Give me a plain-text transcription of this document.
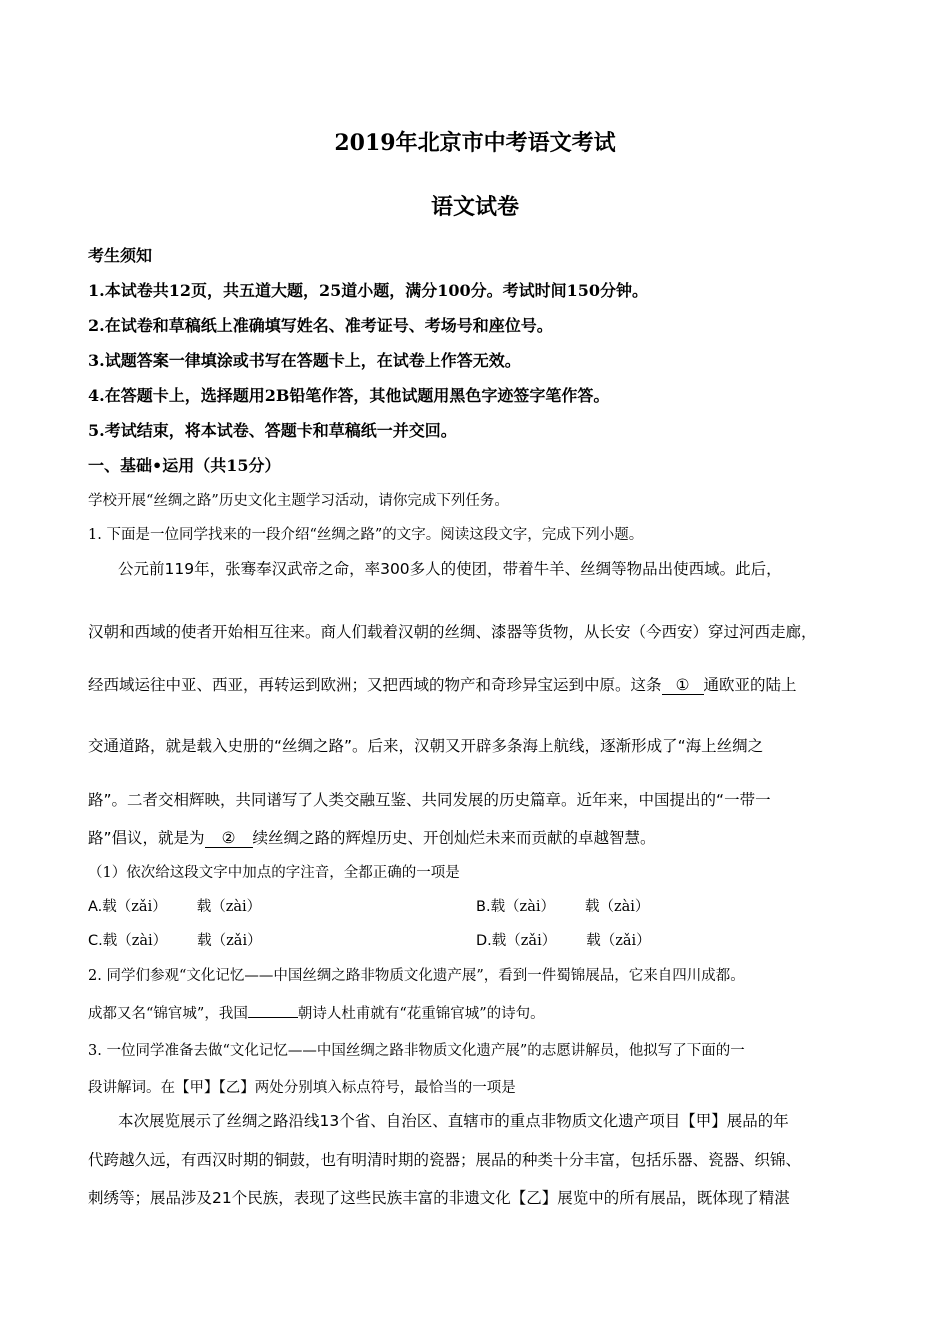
2019年北京市中考语文考试
语文试卷
考生须知
1.本试卷共12页，共五道大题，25道小题，满分100分。考试时间150分钟。
2.在试卷和草稿纸上准确填写姓名、准考证号、考场号和座位号。
3.试题答案一律填涂或书写在答题卡上，在试卷上作答无效。
4.在答题卡上，选择题用2B铅笔作答，其他试题用黑色字迹签字笔作答。
5.考试结束，将本试卷、答题卡和草稿纸一并交回。
一、基础•运用（共15分）
学校开展“丝绸之路”历史文化主题学习活动，请你完成下列任务。
1. 下面是一位同学找来的一段介绍“丝绸之路”的文字。阅读这段文字，完成下列小题。
公元前119年，张骞奉汉武帝之命，率300多人的使团，带着牛羊、丝绸等物品出使西域。此后，
汉朝和西域的使者开始相互往来。商人们载着汉朝的丝绸、漆器等货物，从长安（今西安）穿过河西走廊，
经西域运往中亚、西亚，再转运到欧洲；又把西域的物产和奇珍异宝运到中原。这条 ① 通欧亚的陆上
交通道路，就是载入史册的“丝绸之路”。后来，汉朝又开辟多条海上航线，逐渐形成了“海上丝绸之
路”。二者交相辉映，共同谱写了人类交融互鉴、共同发展的历史篇章。近年来，中国提出的“一带一
路”倡议，就是为 ② 续丝绸之路的辉煌历史、开创灿烂未来而贡献的卓越智慧。
（1）依次给这段文字中加点的字注音，全都正确的一项是
A.载（zǎi） 载（zài）	B.载（zài） 载（zài）
C.载（zài） 载（zǎi）	D.载（zǎi） 载（zǎi）
2. 同学们参观“文化记忆——中国丝绸之路非物质文化遗产展”，看到一件蜀锦展品，它来自四川成都。
成都又名“锦官城”，我国	朝诗人杜甫就有“花重锦官城”的诗句。
3. 一位同学准备去做“文化记忆——中国丝绸之路非物质文化遗产展”的志愿讲解员，他拟写了下面的一
段讲解词。在【甲】【乙】两处分别填入标点符号，最恰当的一项是
本次展览展示了丝绸之路沿线13个省、自治区、直辖市的重点非物质文化遗产项目【甲】展品的年
代跨越久远，有西汉时期的铜鼓，也有明清时期的瓷器；展品的种类十分丰富，包括乐器、瓷器、织锦、
刺绣等；展品涉及21个民族，表现了这些民族丰富的非遗文化【乙】展览中的所有展品，既体现了精湛
